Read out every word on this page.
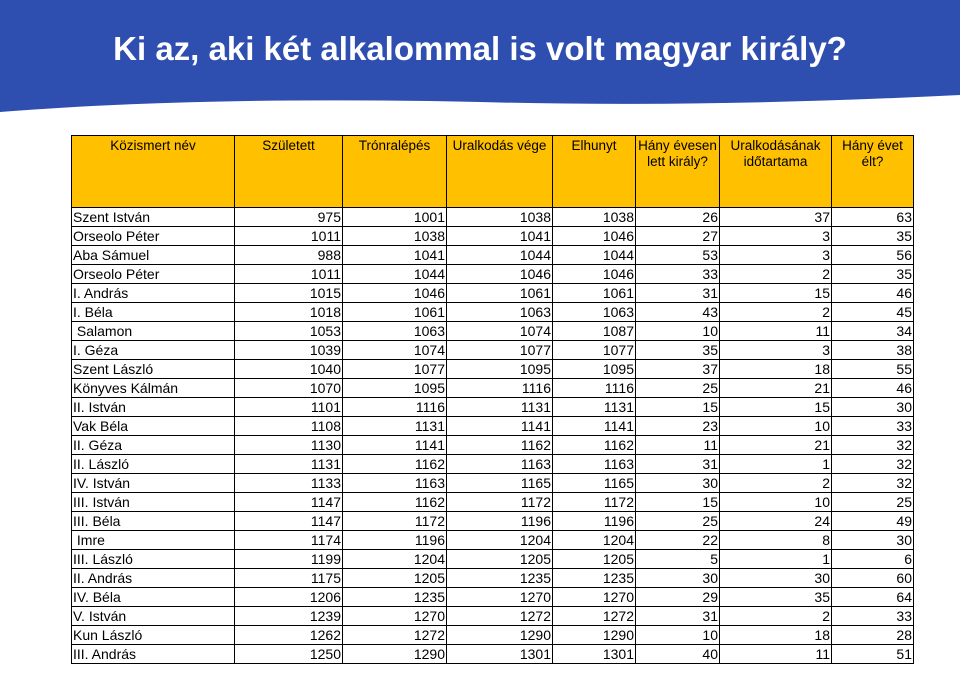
Ki az, aki két alkalommal is volt magyar király?
Közismert név	Született	Trónralépés	Uralkodás vége	Elhunyt	Hány évesen lett király?	Uralkodásának időtartama	Hány évet élt?
Szent István	975	1001	1038	1038	26	37	63
Orseolo Péter	1011	1038	1041	1046	27	3	35
Aba Sámuel	988	1041	1044	1044	53	3	56
Orseolo Péter	1011	1044	1046	1046	33	2	35
I. András	1015	1046	1061	1061	31	15	46
I. Béla	1018	1061	1063	1063	43	2	45
Salamon	1053	1063	1074	1087	10	11	34
I. Géza	1039	1074	1077	1077	35	3	38
Szent László	1040	1077	1095	1095	37	18	55
Könyves Kálmán	1070	1095	1116	1116	25	21	46
II. István	1101	1116	1131	1131	15	15	30
Vak Béla	1108	1131	1141	1141	23	10	33
II. Géza	1130	1141	1162	1162	11	21	32
II. László	1131	1162	1163	1163	31	1	32
IV. István	1133	1163	1165	1165	30	2	32
III. István	1147	1162	1172	1172	15	10	25
III. Béla	1147	1172	1196	1196	25	24	49
Imre	1174	1196	1204	1204	22	8	30
III. László	1199	1204	1205	1205	5	1	6
II. András	1175	1205	1235	1235	30	30	60
IV. Béla	1206	1235	1270	1270	29	35	64
V. István	1239	1270	1272	1272	31	2	33
Kun László	1262	1272	1290	1290	10	18	28
III. András	1250	1290	1301	1301	40	11	51
